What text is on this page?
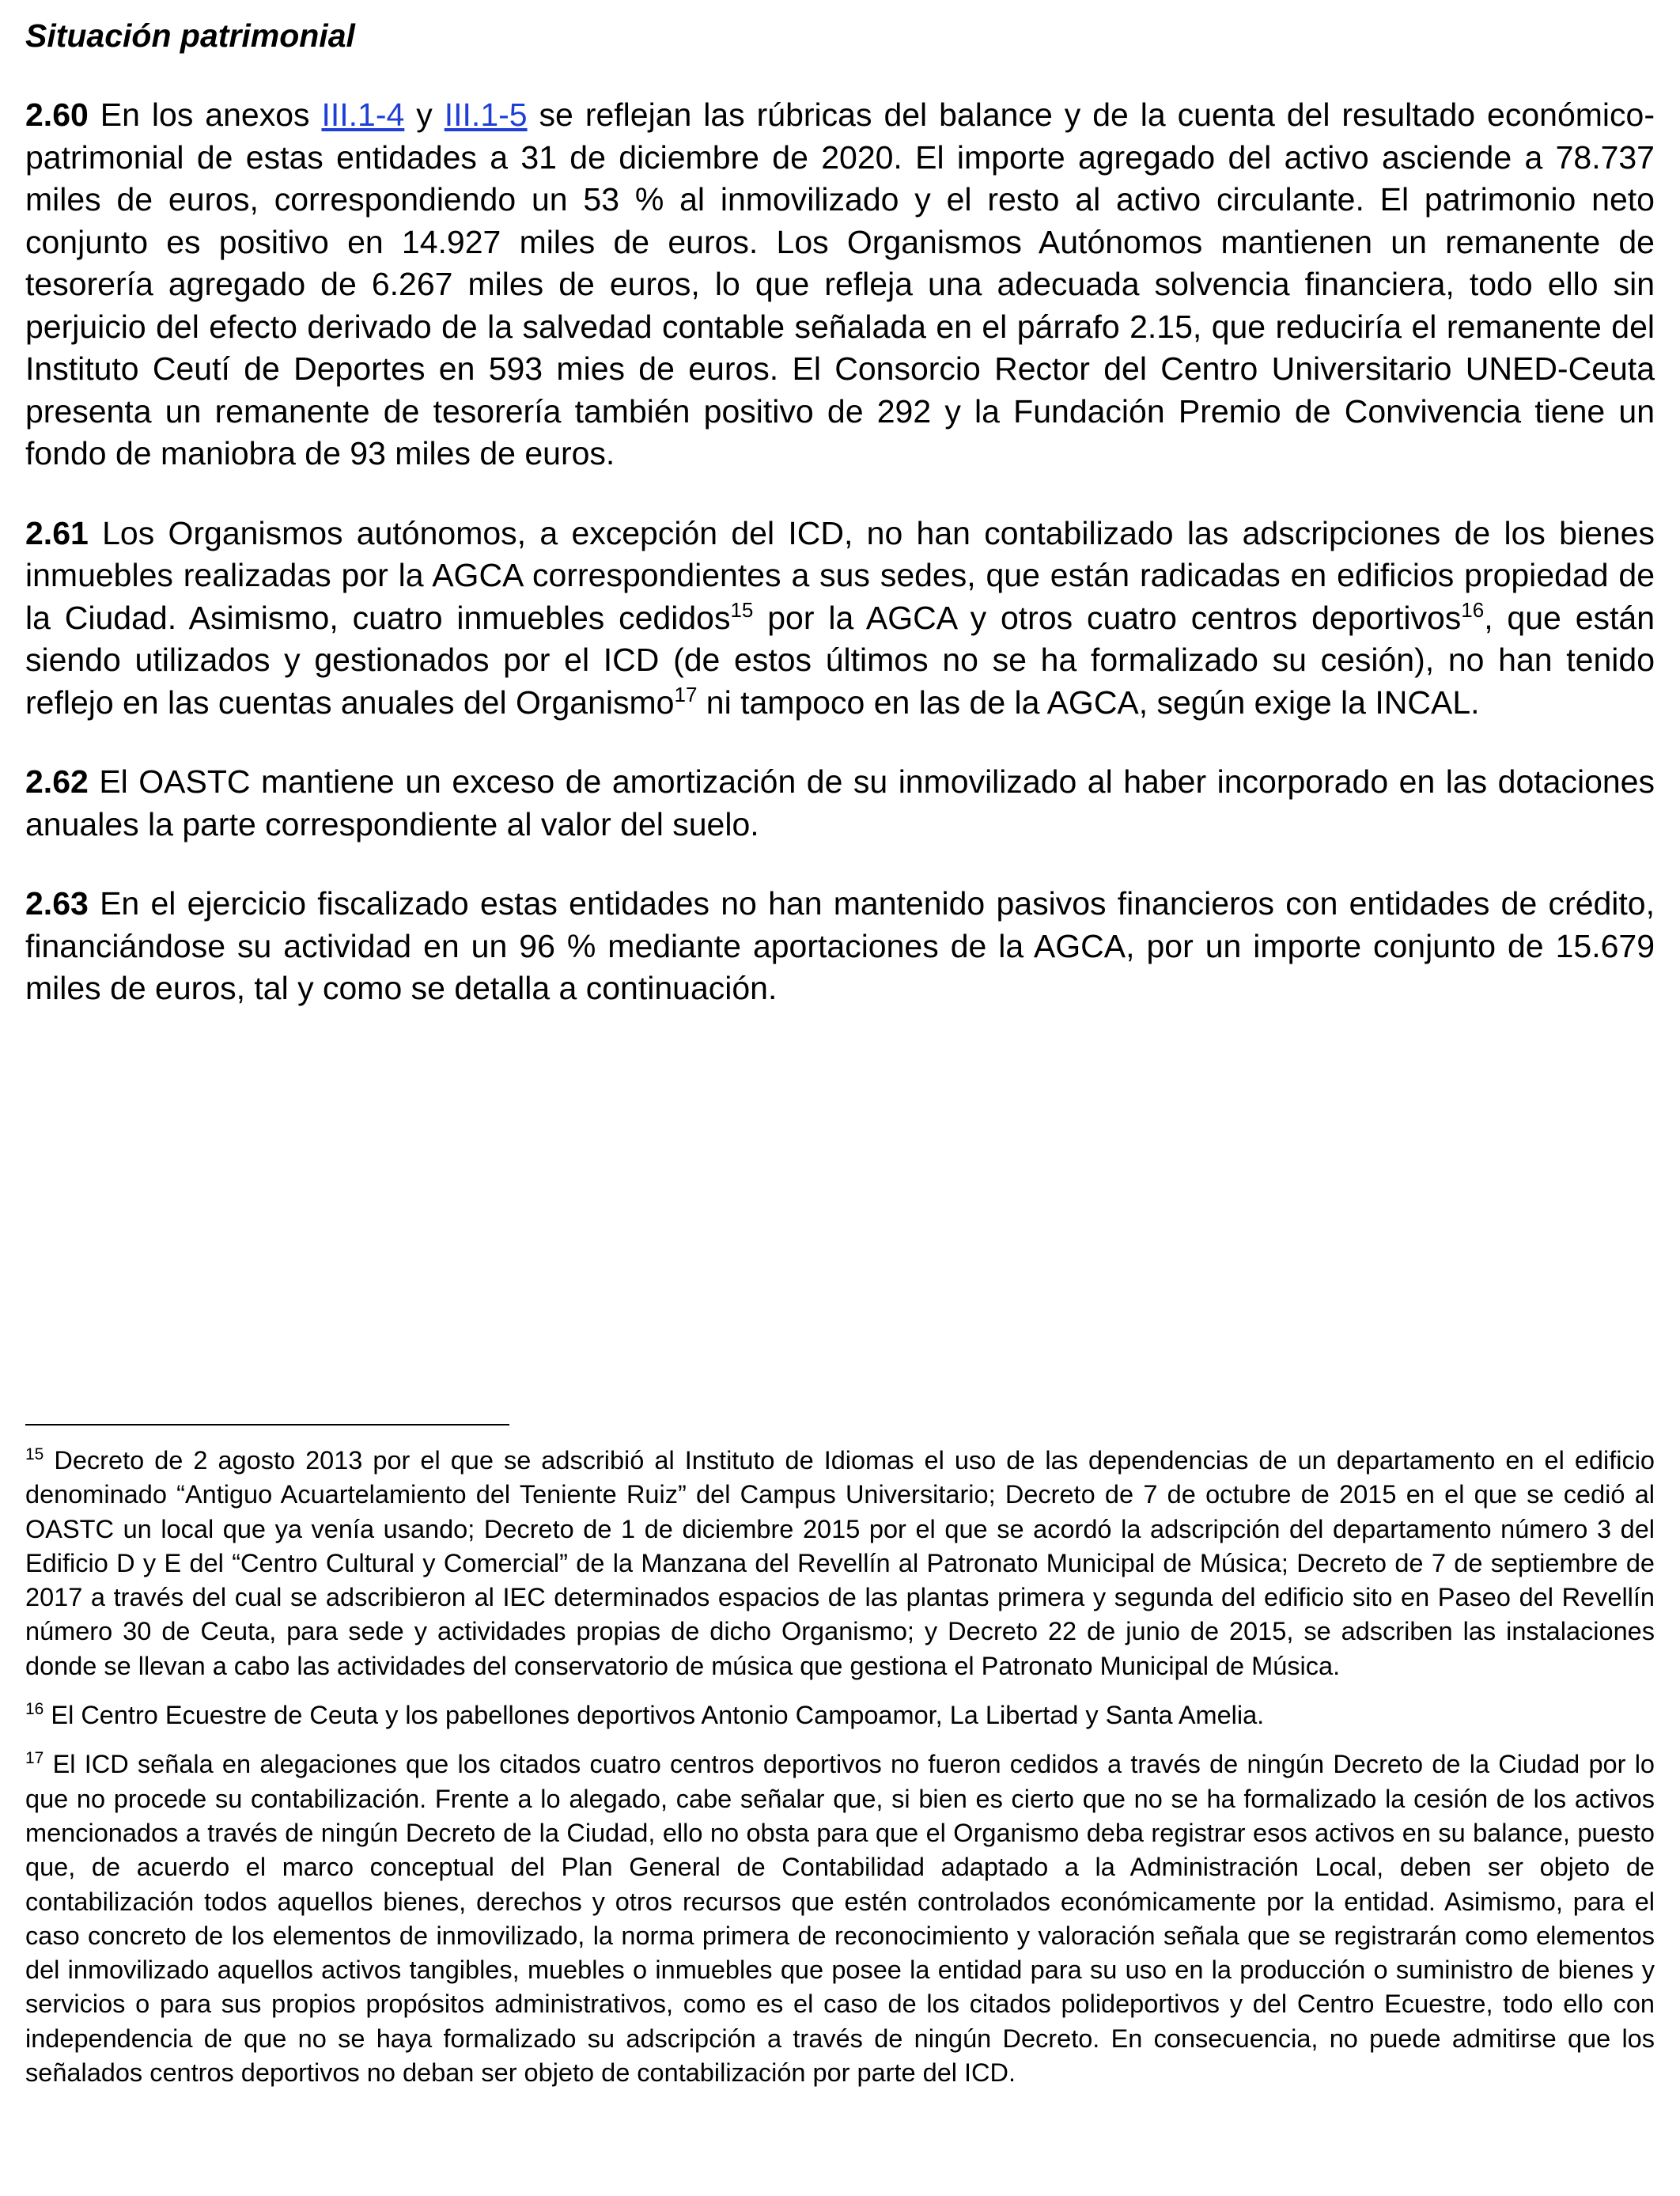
Situación patrimonial

2.60 En los anexos III.1-4 y III.1-5 se reflejan las rúbricas del balance y de la cuenta del resultado económico-patrimonial de estas entidades a 31 de diciembre de 2020. El importe agregado del activo asciende a 78.737 miles de euros, correspondiendo un 53 % al inmovilizado y el resto al activo circulante. El patrimonio neto conjunto es positivo en 14.927 miles de euros. Los Organismos Autónomos mantienen un remanente de tesorería agregado de 6.267 miles de euros, lo que refleja una adecuada solvencia financiera, todo ello sin perjuicio del efecto derivado de la salvedad contable señalada en el párrafo 2.15, que reduciría el remanente del Instituto Ceutí de Deportes en 593 mies de euros. El Consorcio Rector del Centro Universitario UNED-Ceuta presenta un remanente de tesorería también positivo de 292 y la Fundación Premio de Convivencia tiene un fondo de maniobra de 93 miles de euros.

2.61 Los Organismos autónomos, a excepción del ICD, no han contabilizado las adscripciones de los bienes inmuebles realizadas por la AGCA correspondientes a sus sedes, que están radicadas en edificios propiedad de la Ciudad. Asimismo, cuatro inmuebles cedidos$^{15}$ por la AGCA y otros cuatro centros deportivos$^{16}$, que están siendo utilizados y gestionados por el ICD (de estos últimos no se ha formalizado su cesión), no han tenido reflejo en las cuentas anuales del Organismo$^{17}$ ni tampoco en las de la AGCA, según exige la INCAL.

2.62 El OASTC mantiene un exceso de amortización de su inmovilizado al haber incorporado en las dotaciones anuales la parte correspondiente al valor del suelo.

2.63 En el ejercicio fiscalizado estas entidades no han mantenido pasivos financieros con entidades de crédito, financiándose su actividad en un 96 % mediante aportaciones de la AGCA, por un importe conjunto de 15.679 miles de euros, tal y como se detalla a continuación.

$^{15}$ Decreto de 2 agosto 2013 por el que se adscribió al Instituto de Idiomas el uso de las dependencias de un departamento en el edificio denominado “Antiguo Acuartelamiento del Teniente Ruiz” del Campus Universitario; Decreto de 7 de octubre de 2015 en el que se cedió al OASTC un local que ya venía usando; Decreto de 1 de diciembre 2015 por el que se acordó la adscripción del departamento número 3 del Edificio D y E del “Centro Cultural y Comercial” de la Manzana del Revellín al Patronato Municipal de Música; Decreto de 7 de septiembre de 2017 a través del cual se adscribieron al IEC determinados espacios de las plantas primera y segunda del edificio sito en Paseo del Revellín número 30 de Ceuta, para sede y actividades propias de dicho Organismo; y Decreto 22 de junio de 2015, se adscriben las instalaciones donde se llevan a cabo las actividades del conservatorio de música que gestiona el Patronato Municipal de Música.

$^{16}$ El Centro Ecuestre de Ceuta y los pabellones deportivos Antonio Campoamor, La Libertad y Santa Amelia.

$^{17}$ El ICD señala en alegaciones que los citados cuatro centros deportivos no fueron cedidos a través de ningún Decreto de la Ciudad por lo que no procede su contabilización. Frente a lo alegado, cabe señalar que, si bien es cierto que no se ha formalizado la cesión de los activos mencionados a través de ningún Decreto de la Ciudad, ello no obsta para que el Organismo deba registrar esos activos en su balance, puesto que, de acuerdo el marco conceptual del Plan General de Contabilidad adaptado a la Administración Local, deben ser objeto de contabilización todos aquellos bienes, derechos y otros recursos que estén controlados económicamente por la entidad. Asimismo, para el caso concreto de los elementos de inmovilizado, la norma primera de reconocimiento y valoración señala que se registrarán como elementos del inmovilizado aquellos activos tangibles, muebles o inmuebles que posee la entidad para su uso en la producción o suministro de bienes y servicios o para sus propios propósitos administrativos, como es el caso de los citados polideportivos y del Centro Ecuestre, todo ello con independencia de que no se haya formalizado su adscripción a través de ningún Decreto. En consecuencia, no puede admitirse que los señalados centros deportivos no deban ser objeto de contabilización por parte del ICD.
